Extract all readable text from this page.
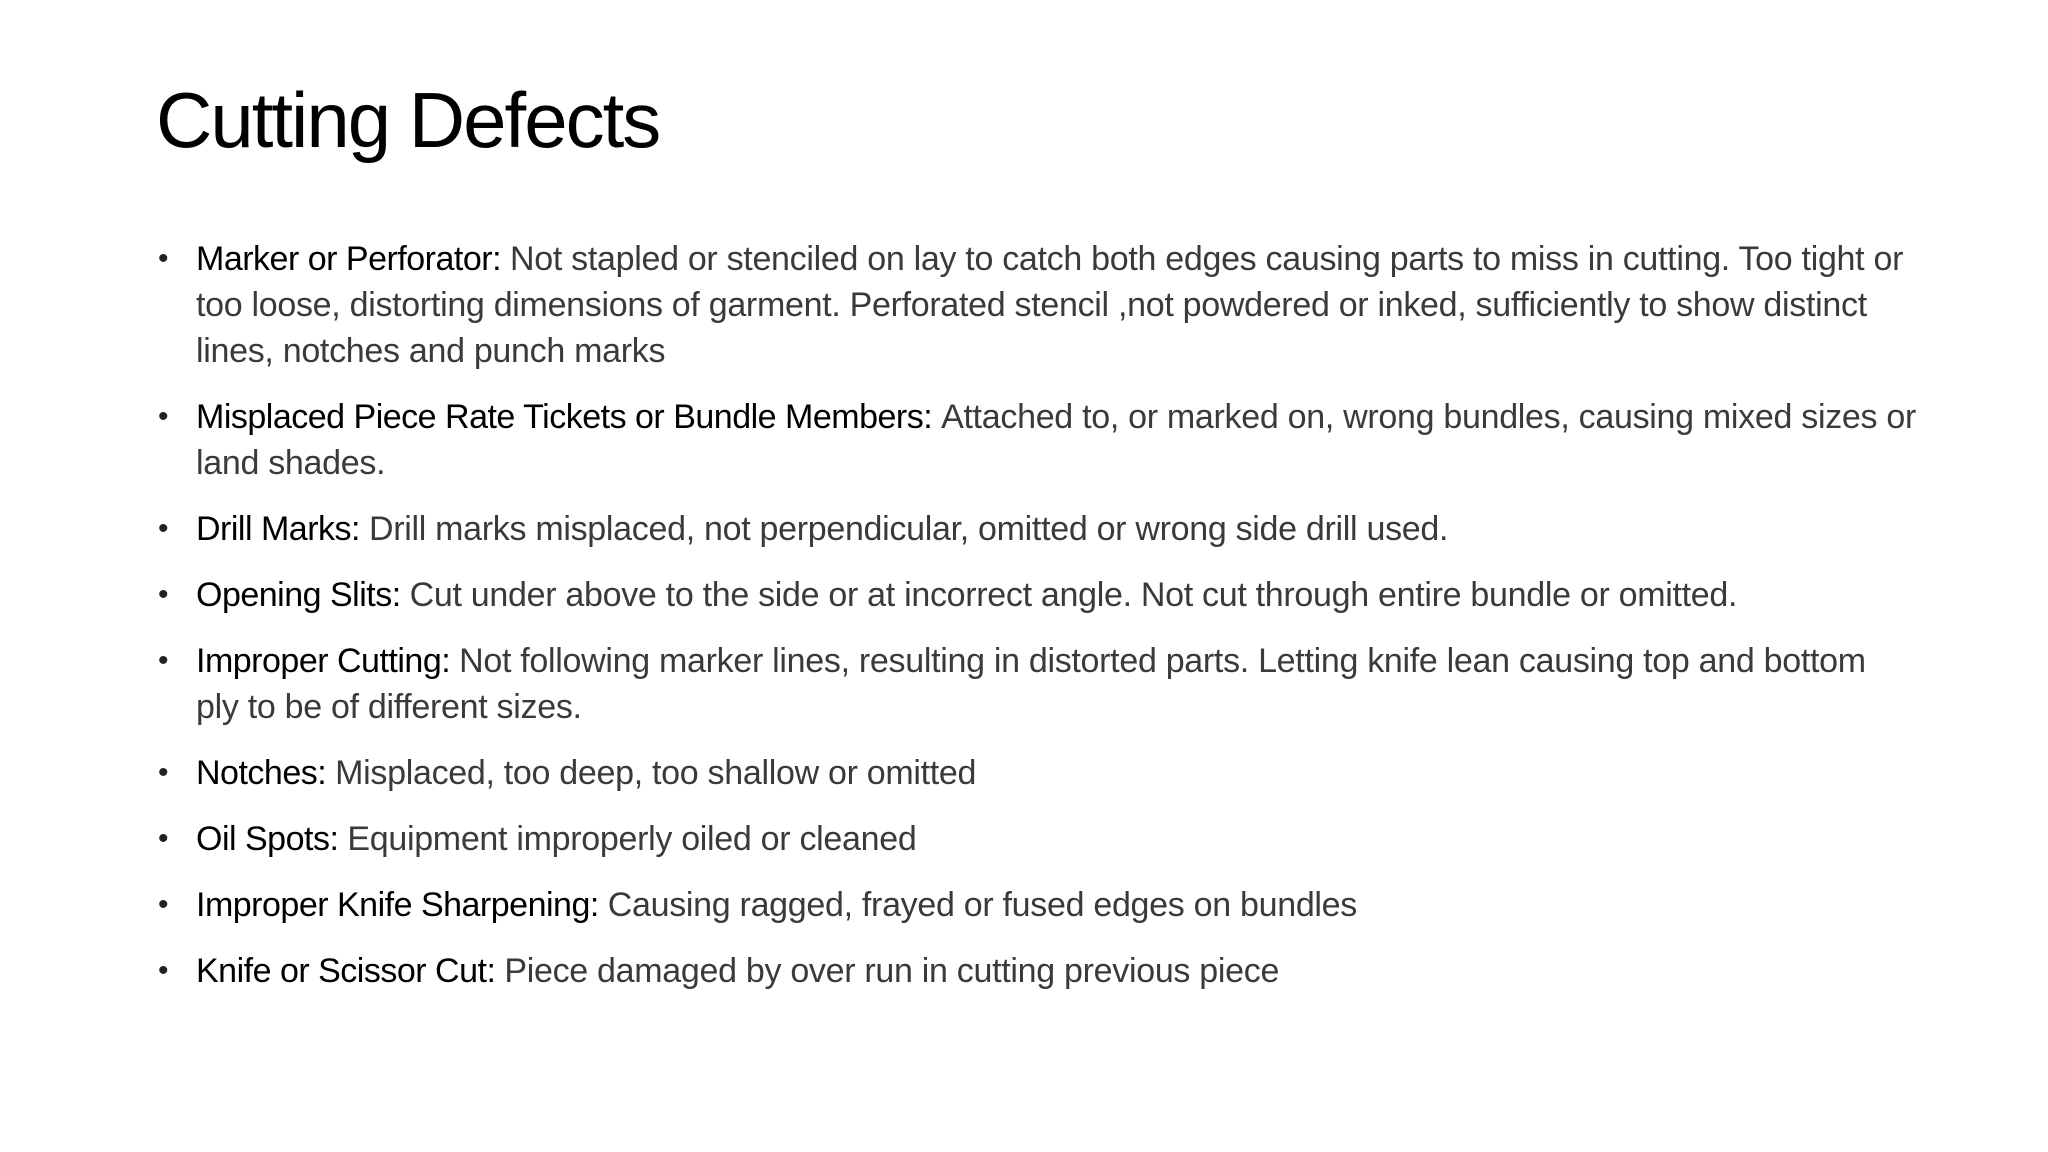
Cutting Defects
• Marker or Perforator: Not stapled or stenciled on lay to catch both edges causing parts to miss in cutting. Too tight or too loose, distorting dimensions of garment. Perforated stencil ,not powdered or inked, sufficiently to show distinct lines, notches and punch marks
• Misplaced Piece Rate Tickets or Bundle Members: Attached to, or marked on, wrong bundles, causing mixed sizes or land shades.
• Drill Marks: Drill marks misplaced, not perpendicular, omitted or wrong side drill used.
• Opening Slits: Cut under above to the side or at incorrect angle. Not cut through entire bundle or omitted.
• Improper Cutting: Not following marker lines, resulting in distorted parts. Letting knife lean causing top and bottom ply to be of different sizes.
• Notches: Misplaced, too deep, too shallow or omitted
• Oil Spots: Equipment improperly oiled or cleaned
• Improper Knife Sharpening: Causing ragged, frayed or fused edges on bundles
• Knife or Scissor Cut: Piece damaged by over run in cutting previous piece
